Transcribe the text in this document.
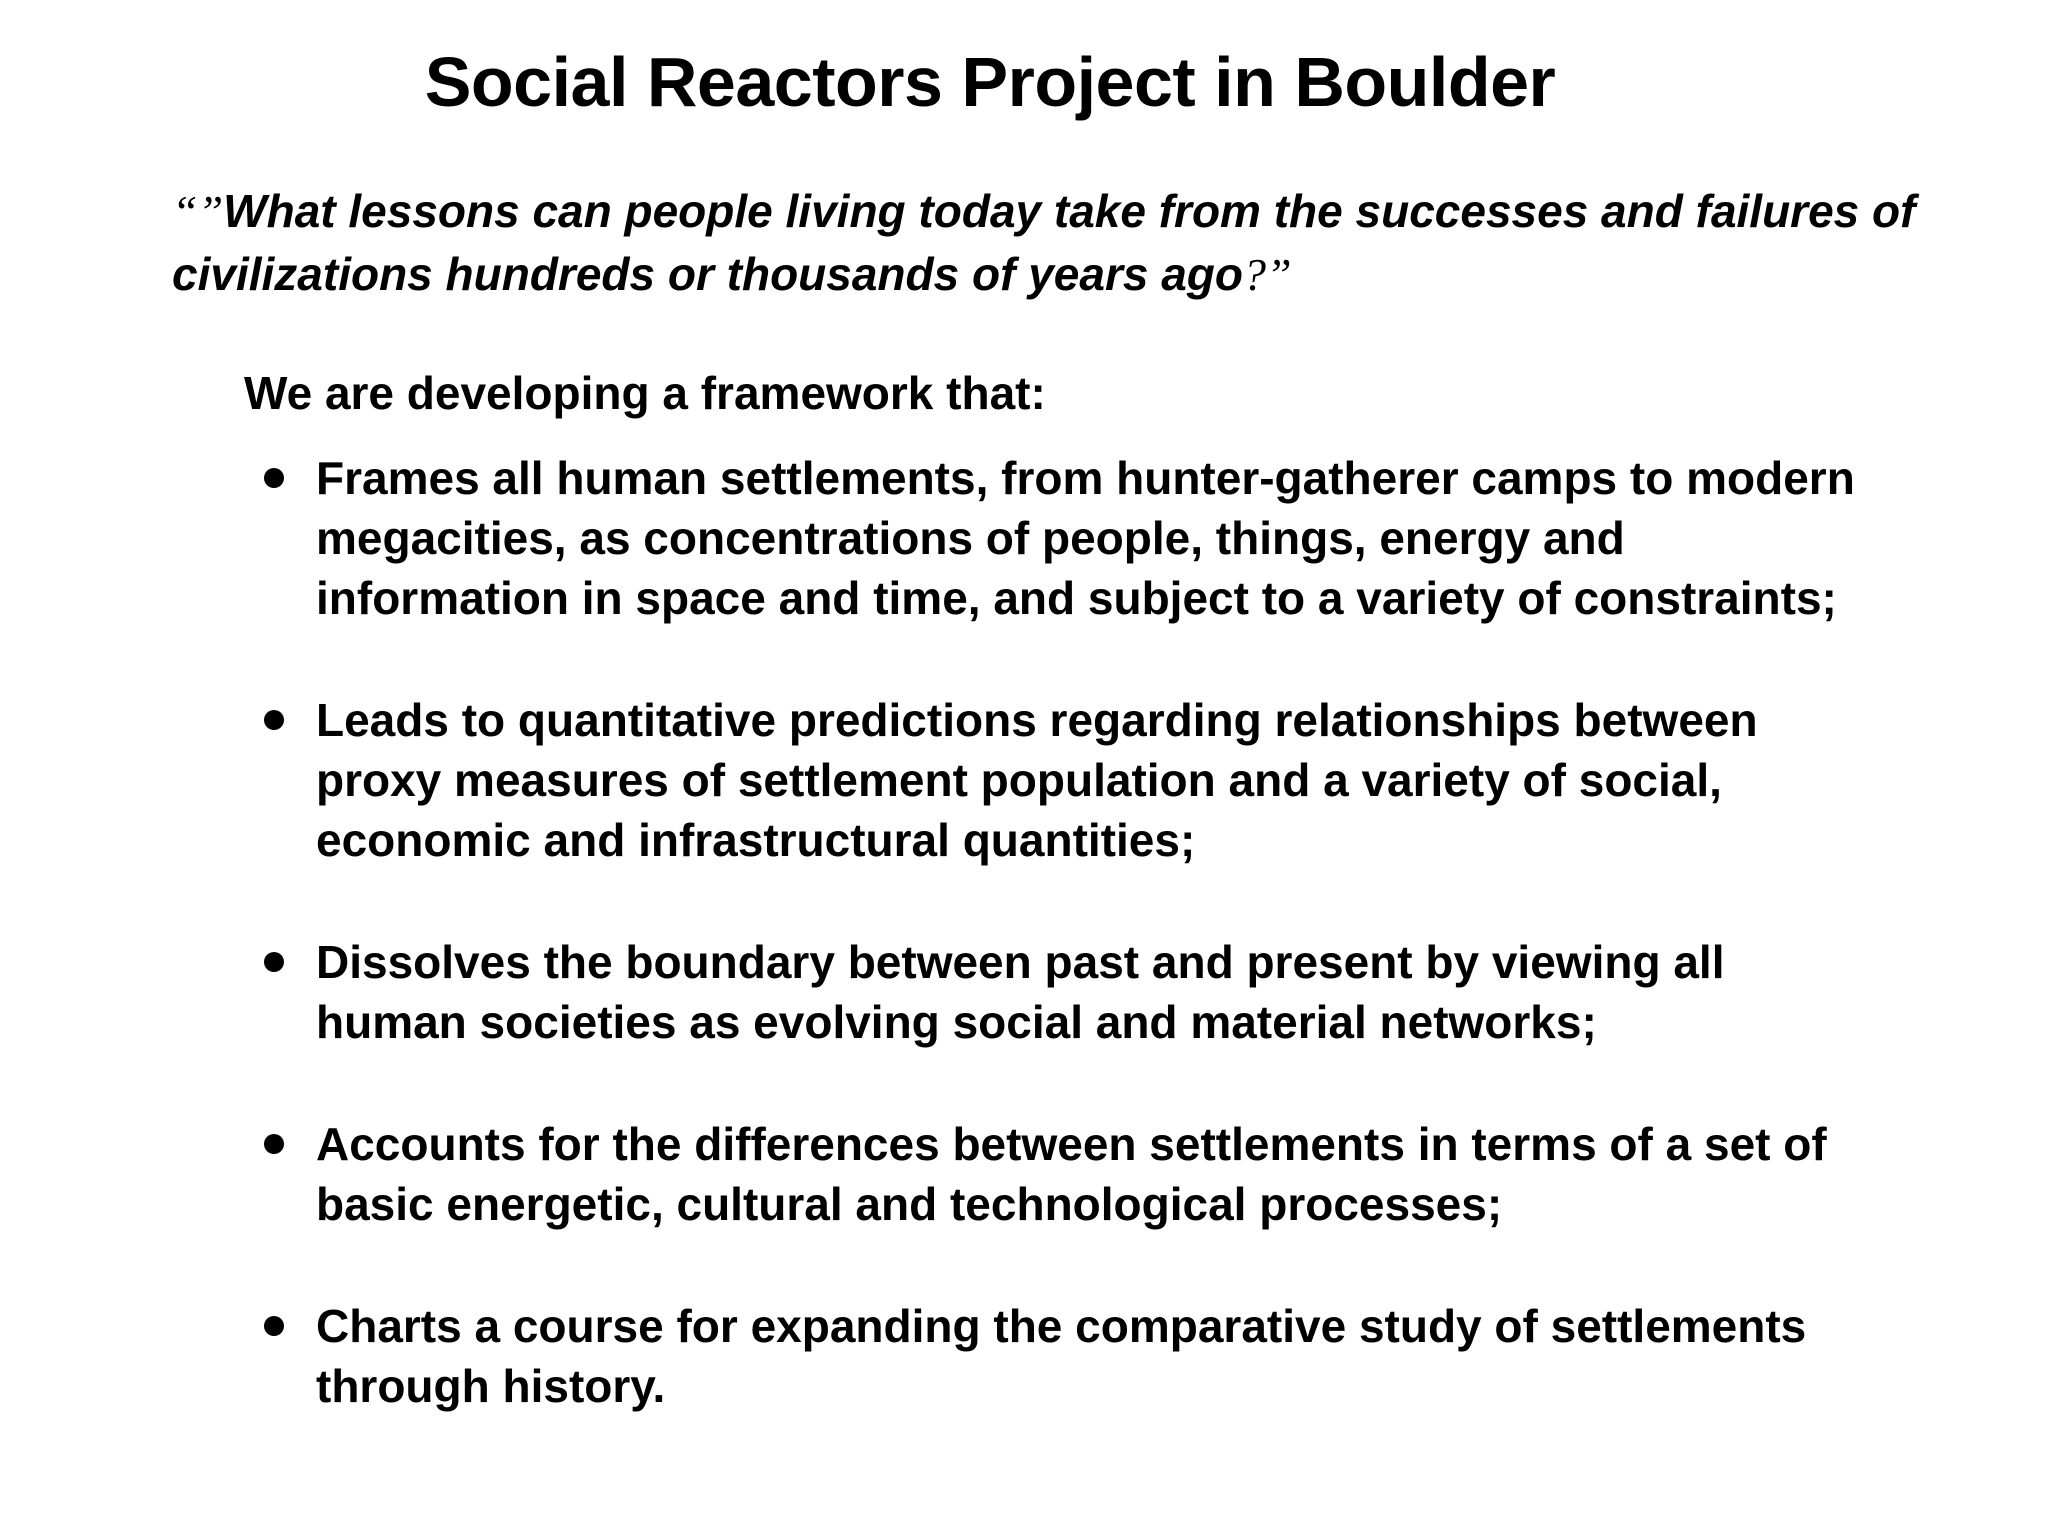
Social Reactors Project in Boulder

“”What lessons can people living today take from the successes and failures of civilizations hundreds or thousands of years ago?”

We are developing a framework that:

Frames all human settlements, from hunter-gatherer camps to modern megacities, as concentrations of people, things, energy and information in space and time, and subject to a variety of constraints;
Leads to quantitative predictions regarding relationships between proxy measures of settlement population and a variety of social, economic and infrastructural quantities;
Dissolves the boundary between past and present by viewing all human societies as evolving social and material networks;
Accounts for the differences between settlements in terms of a set of basic energetic, cultural and technological processes;
Charts a course for expanding the comparative study of settlements through history.
